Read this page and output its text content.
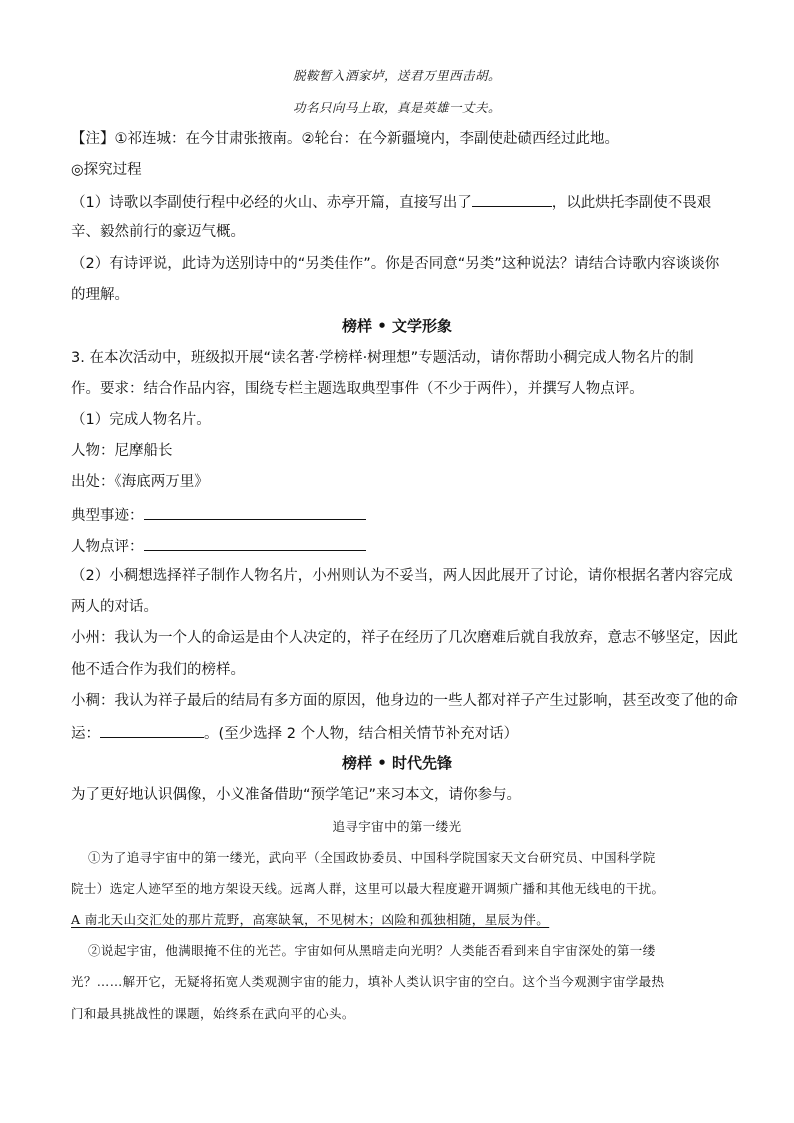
脱鞍暂入酒家垆，送君万里西击胡。
功名只向马上取，真是英雄一丈夫。
【注】①祁连城：在今甘肃张掖南。②轮台：在今新疆境内，李副使赴碛西经过此地。
◎探究过程
（1）诗歌以李副使行程中必经的火山、赤亭开篇，直接写出了	，以此烘托李副使不畏艰
辛、毅然前行的豪迈气概。
（2）有诗评说，此诗为送别诗中的“另类佳作”。你是否同意“另类”这种说法？请结合诗歌内容谈谈你
的理解。
榜样 • 文学形象
3. 在本次活动中，班级拟开展“读名著·学榜样·树理想”专题活动，请你帮助小稠完成人物名片的制
作。要求：结合作品内容，围绕专栏主题选取典型事件（不少于两件），并撰写人物点评。
（1）完成人物名片。
人物：尼摩船长
出处：《海底两万里》
典型事迹：
人物点评：
（2）小稠想选择祥子制作人物名片，小州则认为不妥当，两人因此展开了讨论，请你根据名著内容完成
两人的对话。
小州：我认为一个人的命运是由个人决定的，祥子在经历了几次磨难后就自我放弃，意志不够坚定，因此
他不适合作为我们的榜样。
小稠：我认为祥子最后的结局有多方面的原因，他身边的一些人都对祥子产生过影响，甚至改变了他的命
运：	。(至少选择 2 个人物，结合相关情节补充对话）
榜样 • 时代先锋
为了更好地认识偶像，小义准备借助“预学笔记”来习本文，请你参与。
追寻宇宙中的第一缕光
①为了追寻宇宙中的第一缕光，武向平（全国政协委员、中国科学院国家天文台研究员、中国科学院
院士）选定人迹罕至的地方架设天线。远离人群，这里可以最大程度避开调频广播和其他无线电的干扰。
A 南北天山交汇处的那片荒野，高寒缺氧，不见树木；凶险和孤独相随，星辰为伴。
②说起宇宙，他满眼掩不住的光芒。宇宙如何从黑暗走向光明？人类能否看到来自宇宙深处的第一缕
光？……解开它，无疑将拓宽人类观测宇宙的能力，填补人类认识宇宙的空白。这个当今观测宇宙学最热
门和最具挑战性的课题，始终系在武向平的心头。
